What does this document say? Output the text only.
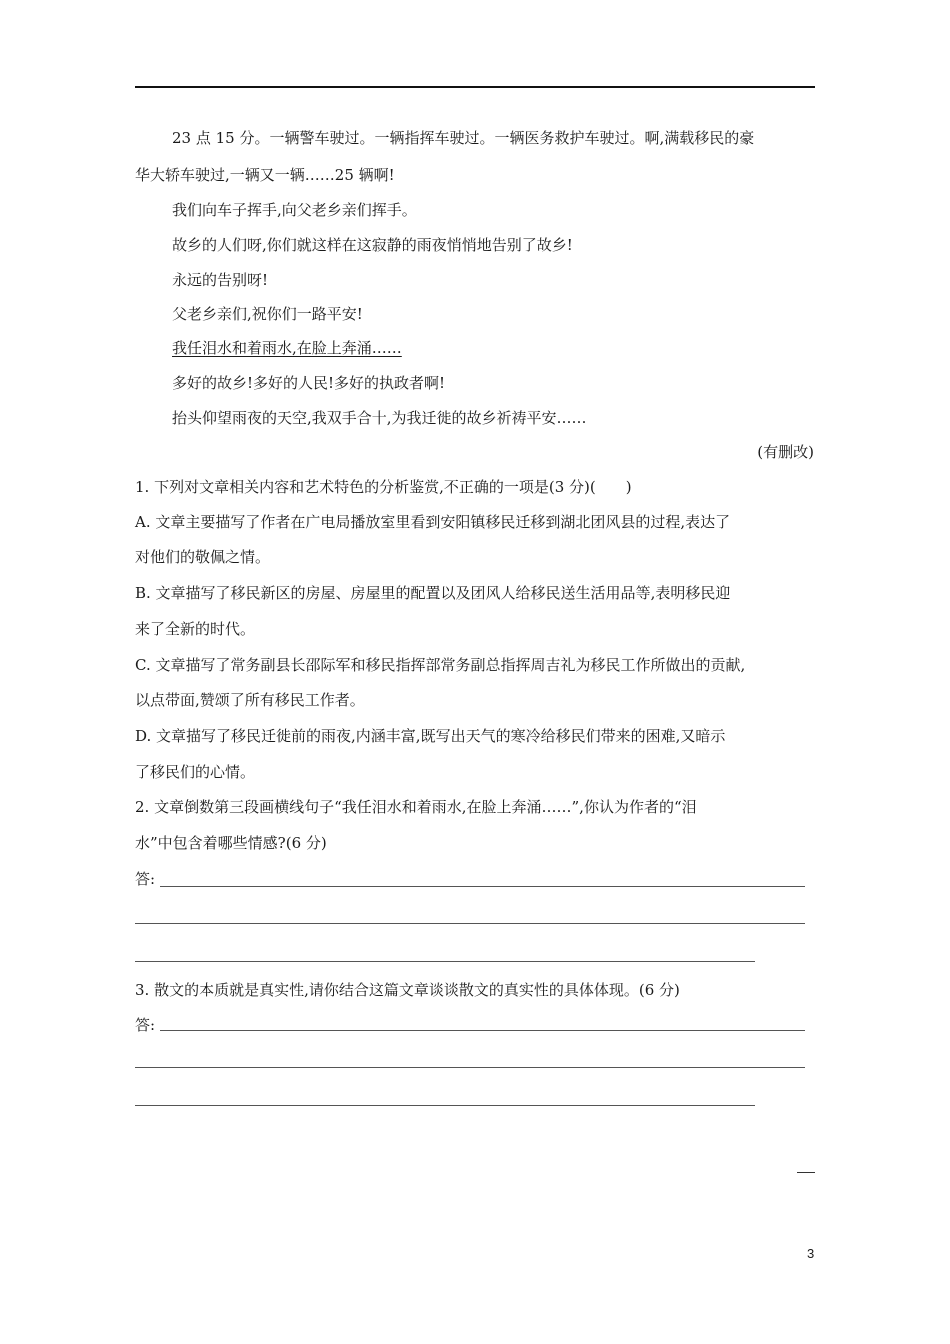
23 点 15 分。一辆警车驶过。一辆指挥车驶过。一辆医务救护车驶过。啊,满载移民的豪
华大轿车驶过,一辆又一辆……25 辆啊!
我们向车子挥手,向父老乡亲们挥手。
故乡的人们呀,你们就这样在这寂静的雨夜悄悄地告别了故乡!
永远的告别呀!
父老乡亲们,祝你们一路平安!
我任泪水和着雨水,在脸上奔涌……
多好的故乡!多好的人民!多好的执政者啊!
抬头仰望雨夜的天空,我双手合十,为我迁徙的故乡祈祷平安……
(有删改)
1. 下列对文章相关内容和艺术特色的分析鉴赏,不正确的一项是(3 分)(　　)
A. 文章主要描写了作者在广电局播放室里看到安阳镇移民迁移到湖北团风县的过程,表达了
对他们的敬佩之情。
B. 文章描写了移民新区的房屋、房屋里的配置以及团风人给移民送生活用品等,表明移民迎
来了全新的时代。
C. 文章描写了常务副县长邵际军和移民指挥部常务副总指挥周吉礼为移民工作所做出的贡献,
以点带面,赞颂了所有移民工作者。
D. 文章描写了移民迁徙前的雨夜,内涵丰富,既写出天气的寒冷给移民们带来的困难,又暗示
了移民们的心情。
2. 文章倒数第三段画横线句子“我任泪水和着雨水,在脸上奔涌……”,你认为作者的“泪
水”中包含着哪些情感?(6 分)
答:
3. 散文的本质就是真实性,请你结合这篇文章谈谈散文的真实性的具体体现。(6 分)
答:
3
